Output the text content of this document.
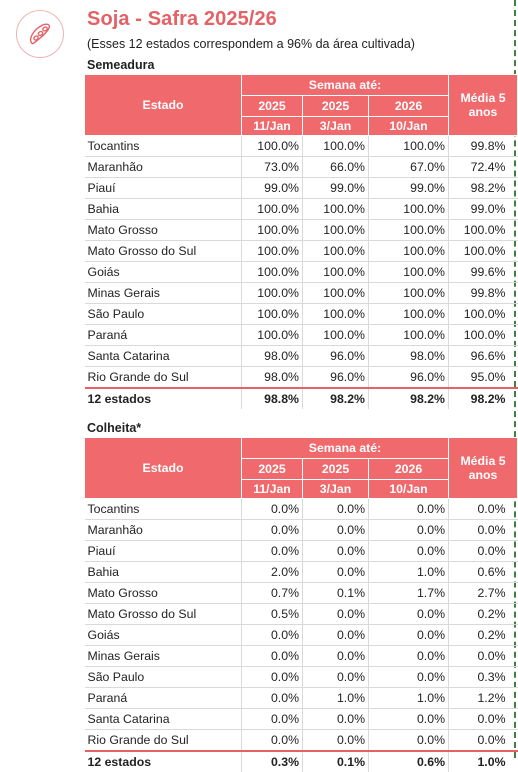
Soja - Safra 2025/26
(Esses 12 estados correspondem a 96% da área cultivada)
Semeadura
Estado	Semana até:			Média 5 anos
	2025	2025	2026	
	11/Jan	3/Jan	10/Jan	
Tocantins	100.0%	100.0%	100.0%	99.8%
Maranhão	73.0%	66.0%	67.0%	72.4%
Piauí	99.0%	99.0%	99.0%	98.2%
Bahia	100.0%	100.0%	100.0%	99.0%
Mato Grosso	100.0%	100.0%	100.0%	100.0%
Mato Grosso do Sul	100.0%	100.0%	100.0%	100.0%
Goiás	100.0%	100.0%	100.0%	99.6%
Minas Gerais	100.0%	100.0%	100.0%	99.8%
São Paulo	100.0%	100.0%	100.0%	100.0%
Paraná	100.0%	100.0%	100.0%	100.0%
Santa Catarina	98.0%	96.0%	98.0%	96.6%
Rio Grande do Sul	98.0%	96.0%	96.0%	95.0%
12 estados	98.8%	98.2%	98.2%	98.2%
Colheita*
Estado	Semana até:			Média 5 anos
	2025	2025	2026	
	11/Jan	3/Jan	10/Jan	
Tocantins	0.0%	0.0%	0.0%	0.0%
Maranhão	0.0%	0.0%	0.0%	0.0%
Piauí	0.0%	0.0%	0.0%	0.0%
Bahia	2.0%	0.0%	1.0%	0.6%
Mato Grosso	0.7%	0.1%	1.7%	2.7%
Mato Grosso do Sul	0.5%	0.0%	0.0%	0.2%
Goiás	0.0%	0.0%	0.0%	0.2%
Minas Gerais	0.0%	0.0%	0.0%	0.0%
São Paulo	0.0%	0.0%	0.0%	0.3%
Paraná	0.0%	1.0%	1.0%	1.2%
Santa Catarina	0.0%	0.0%	0.0%	0.0%
Rio Grande do Sul	0.0%	0.0%	0.0%	0.0%
12 estados	0.3%	0.1%	0.6%	1.0%
